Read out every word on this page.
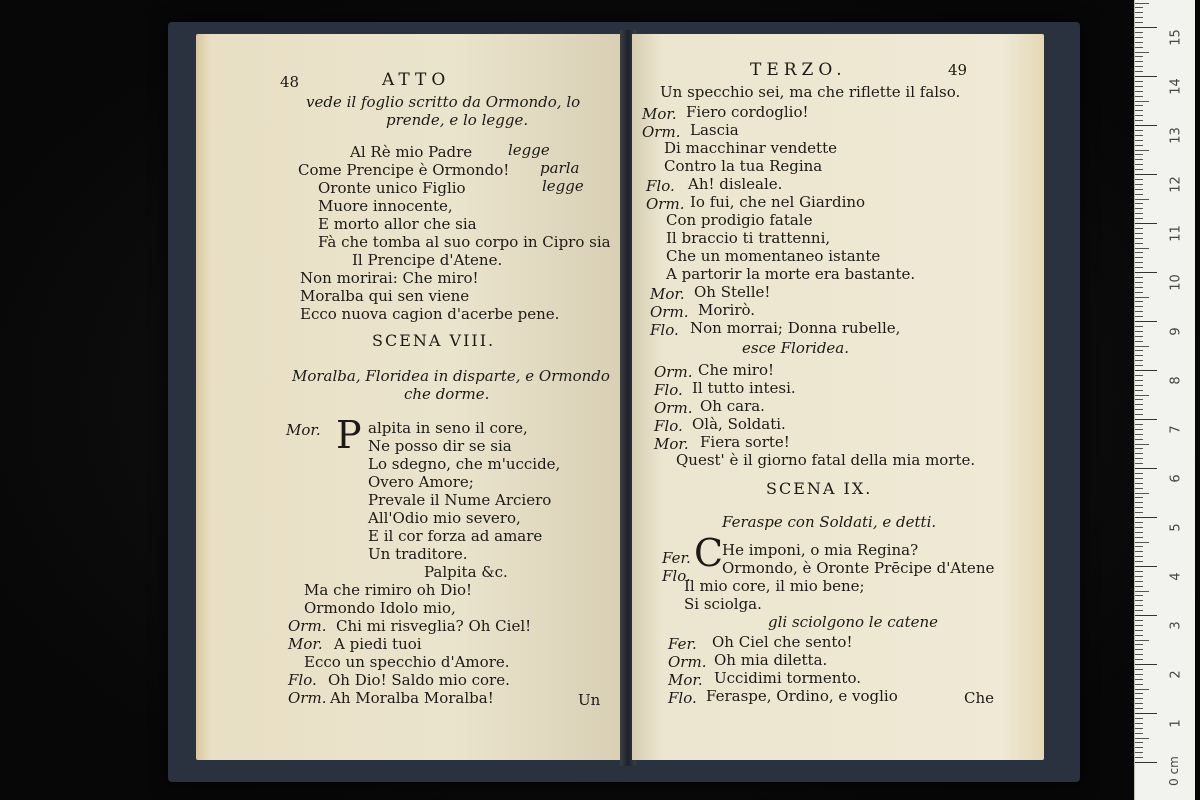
48	ATTO
vede il foglio scritto da Ormondo, lo
prende, e lo legge.
Al Rè mio Padre legge
Come Prencipe è Ormondo! parla
Oronte unico Figlio	legge
Muore innocente,
E morto allor che sia
Fà che tomba al suo corpo in Cipro sia
Il Prencipe d'Atene.
Non morirai: Che miro!
Moralba qui sen viene
Ecco nuova cagion d'acerbe pene.
SCENA VIII.
Moralba, Floridea in disparte, e Ormondo
che dorme.
Mor. P alpita in seno il core,
Ne posso dir se sia
Lo sdegno, che m'uccide,
Overo Amore;
Prevale il Nume Arciero
All'Odio mio severo,
E il cor forza ad amare
Un traditore.
Palpita &c.
Ma che rimiro oh Dio!
Ormondo Idolo mio,
Orm. Chi mi risveglia? Oh Ciel!
Mor. A piedi tuoi
Ecco un specchio d'Amore.
Flo. Oh Dio! Saldo mio core.
Orm. Ah Moralba Moralba!	Un
TERZO.	49
Un specchio sei, ma che riflette il falso.
Mor. Fiero cordoglio!
Orm. Lascia
Di macchinar vendette
Contro la tua Regina
Flo. Ah! disleale.
Orm. Io fui, che nel Giardino
Con prodigio fatale
Il braccio ti trattenni,
Che un momentaneo istante
A partorir la morte era bastante.
Mor. Oh Stelle!
Orm. Morirò.
Flo. Non morrai; Donna rubelle,
esce Floridea.
Orm. Che miro!
Flo. Il tutto intesi.
Orm. Oh cara.
Flo. Olà, Soldati.
Mor. Fiera sorte!
Quest' è il giorno fatal della mia morte.
SCENA IX.
Feraspe con Soldati, e detti.
Fer. C
He imponi, o mia Regina?
Flo. Ormondo, è Oronte Prēcipe d'Atene
Il mio core, il mio bene;
Si sciolga.
gli sciolgono le catene
Fer. Oh Ciel che sento!
Orm. Oh mia diletta.
Mor. Uccidimi tormento.
Flo. Feraspe, Ordino, e voglio	Che
15
14
13
12
11
10
9
8
7
6
5
4
3
2
1
0 cm
